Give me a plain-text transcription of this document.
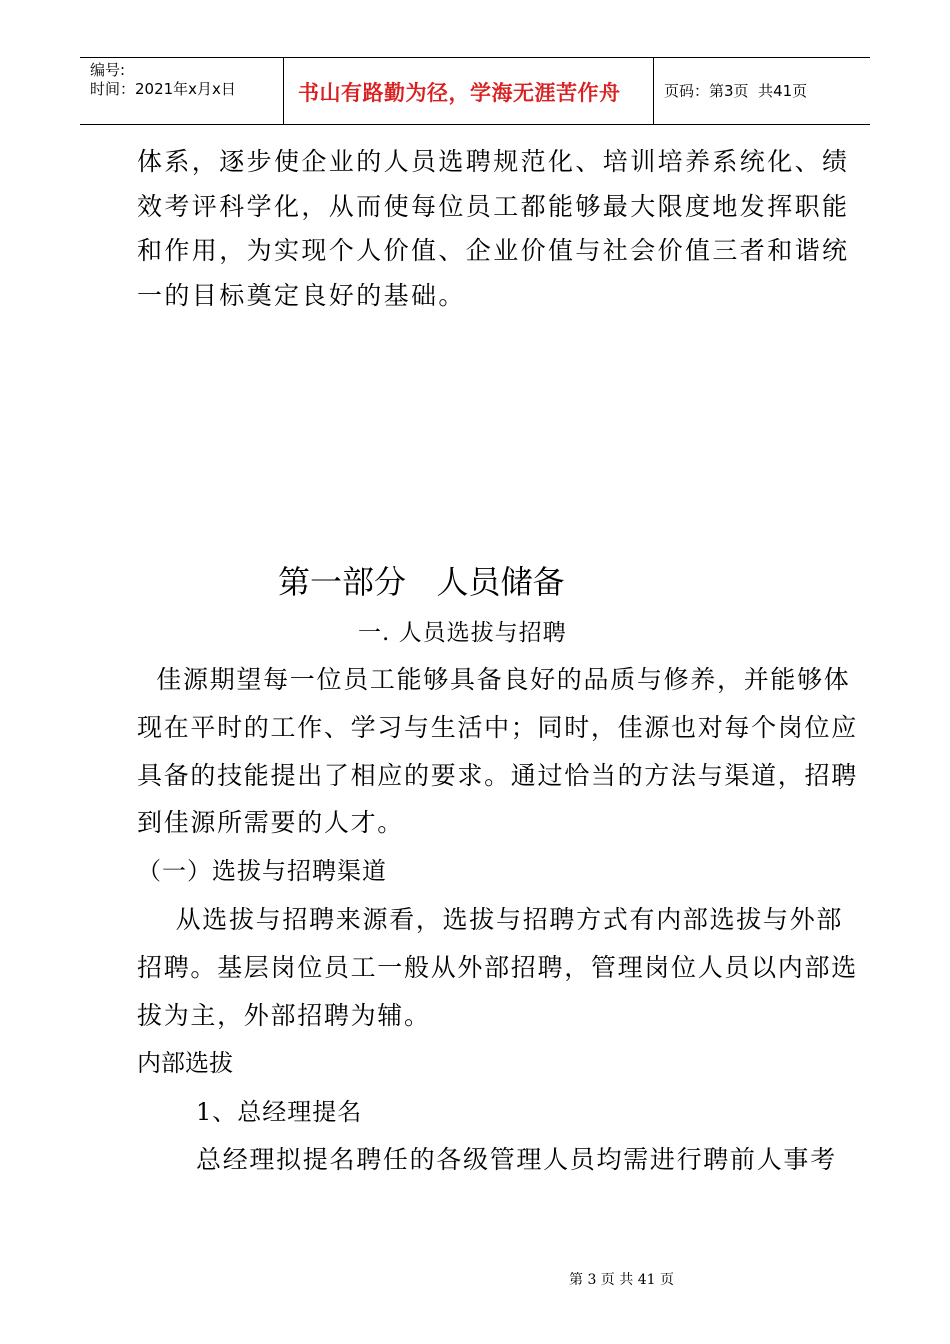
编号:
时间：2021年x月x日	书山有路勤为径，学海无涯苦作舟	页码：第3页  共41页
体系，逐步使企业的人员选聘规范化、培训培养系统化、绩
效考评科学化，从而使每位员工都能够最大限度地发挥职能
和作用，为实现个人价值、企业价值与社会价值三者和谐统
一的目标奠定良好的基础。
第一部分   人员储备
一. 人员选拔与招聘
佳源期望每一位员工能够具备良好的品质与修养，并能够体
现在平时的工作、学习与生活中；同时，佳源也对每个岗位应
具备的技能提出了相应的要求。通过恰当的方法与渠道，招聘
到佳源所需要的人才。
（一）选拔与招聘渠道
从选拔与招聘来源看，选拔与招聘方式有内部选拔与外部
招聘。基层岗位员工一般从外部招聘，管理岗位人员以内部选
拔为主，外部招聘为辅。
内部选拔
1、总经理提名
总经理拟提名聘任的各级管理人员均需进行聘前人事考
第 3 页 共 41 页
